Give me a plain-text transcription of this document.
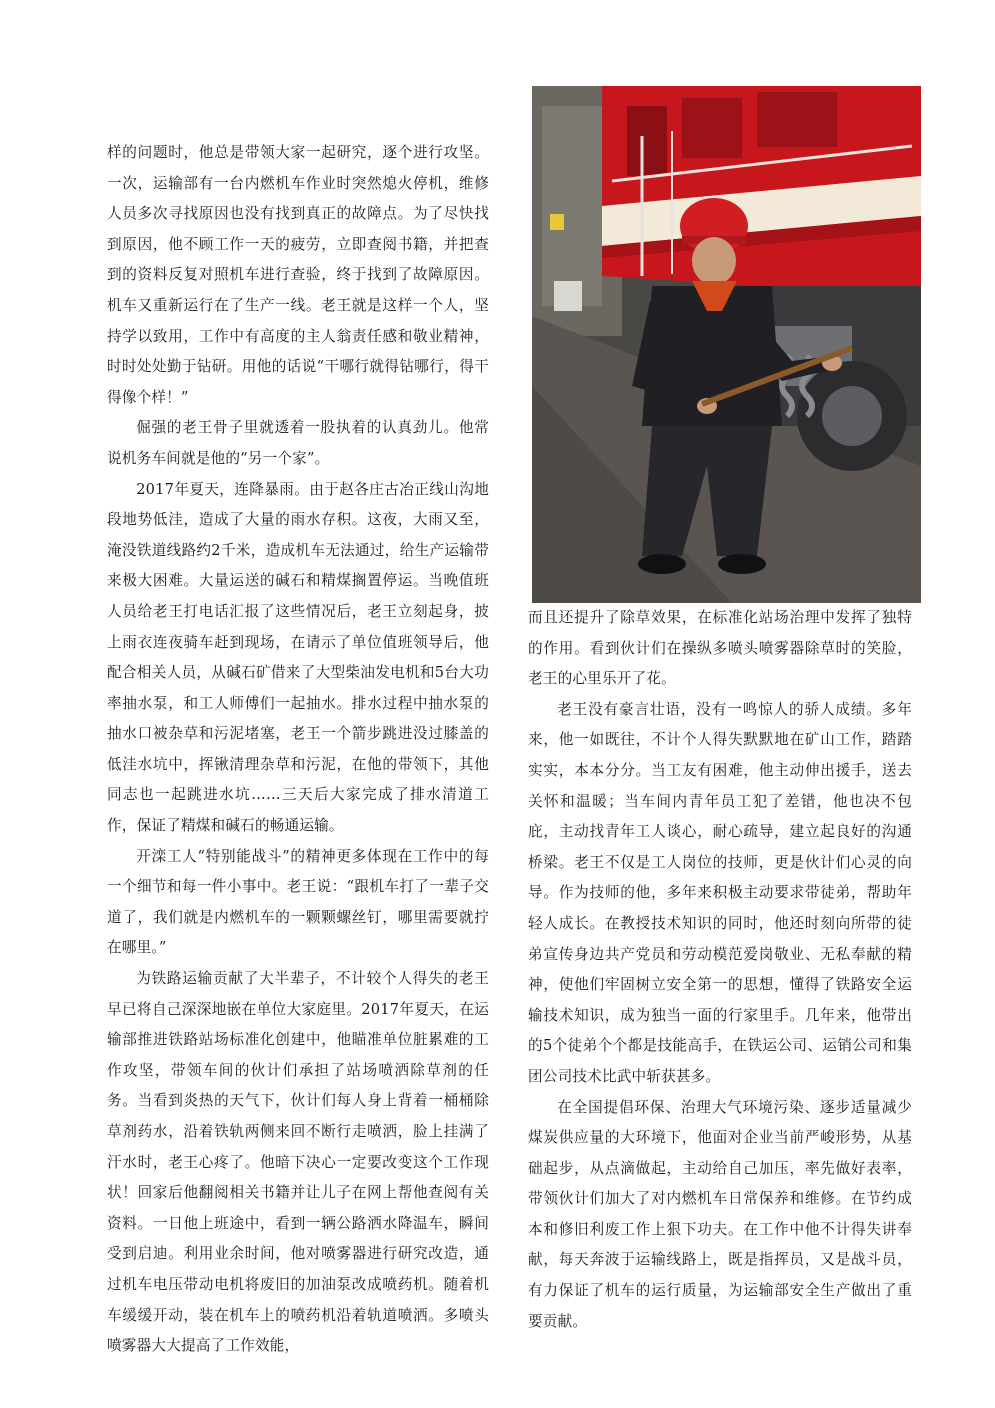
样的问题时，他总是带领大家一起研究，逐个进行攻坚。一次，运输部有一台内燃机车作业时突然熄火停机，维修人员多次寻找原因也没有找到真正的故障点。为了尽快找到原因，他不顾工作一天的疲劳，立即查阅书籍，并把查到的资料反复对照机车进行查验，终于找到了故障原因。机车又重新运行在了生产一线。老王就是这样一个人，坚持学以致用，工作中有高度的主人翁责任感和敬业精神，时时处处勤于钻研。用他的话说“干哪行就得钻哪行，得干得像个样！”

倔强的老王骨子里就透着一股执着的认真劲儿。他常说机务车间就是他的“另一个家”。

2017年夏天，连降暴雨。由于赵各庄古冶正线山沟地段地势低洼，造成了大量的雨水存积。这夜，大雨又至，淹没铁道线路约2千米，造成机车无法通过，给生产运输带来极大困难。大量运送的碱石和精煤搁置停运。当晚值班人员给老王打电话汇报了这些情况后，老王立刻起身，披上雨衣连夜骑车赶到现场，在请示了单位值班领导后，他配合相关人员，从碱石矿借来了大型柴油发电机和5台大功率抽水泵，和工人师傅们一起抽水。排水过程中抽水泵的抽水口被杂草和污泥堵塞，老王一个箭步跳进没过膝盖的低洼水坑中，挥锹清理杂草和污泥，在他的带领下，其他同志也一起跳进水坑……三天后大家完成了排水清道工作，保证了精煤和碱石的畅通运输。

开滦工人“特别能战斗”的精神更多体现在工作中的每一个细节和每一件小事中。老王说：“跟机车打了一辈子交道了，我们就是内燃机车的一颗颗螺丝钉，哪里需要就拧在哪里。”

为铁路运输贡献了大半辈子，不计较个人得失的老王早已将自己深深地嵌在单位大家庭里。2017年夏天，在运输部推进铁路站场标准化创建中，他瞄准单位脏累难的工作攻坚，带领车间的伙计们承担了站场喷洒除草剂的任务。当看到炎热的天气下，伙计们每人身上背着一桶桶除草剂药水，沿着铁轨两侧来回不断行走喷洒，脸上挂满了汗水时，老王心疼了。他暗下决心一定要改变这个工作现状！回家后他翻阅相关书籍并让儿子在网上帮他查阅有关资料。一日他上班途中，看到一辆公路洒水降温车，瞬间受到启迪。利用业余时间，他对喷雾器进行研究改造，通过机车电压带动电机将废旧的加油泵改成喷药机。随着机车缓缓开动，装在机车上的喷药机沿着轨道喷洒。多喷头喷雾器大大提高了工作效能，

而且还提升了除草效果，在标准化站场治理中发挥了独特的作用。看到伙计们在操纵多喷头喷雾器除草时的笑脸，老王的心里乐开了花。

老王没有豪言壮语，没有一鸣惊人的骄人成绩。多年来，他一如既往，不计个人得失默默地在矿山工作，踏踏实实，本本分分。当工友有困难，他主动伸出援手，送去关怀和温暖；当车间内青年员工犯了差错，他也决不包庇，主动找青年工人谈心，耐心疏导，建立起良好的沟通桥梁。老王不仅是工人岗位的技师，更是伙计们心灵的向导。作为技师的他，多年来积极主动要求带徒弟，帮助年轻人成长。在教授技术知识的同时，他还时刻向所带的徒弟宣传身边共产党员和劳动模范爱岗敬业、无私奉献的精神，使他们牢固树立安全第一的思想，懂得了铁路安全运输技术知识，成为独当一面的行家里手。几年来，他带出的5个徒弟个个都是技能高手，在铁运公司、运销公司和集团公司技术比武中斩获甚多。

在全国提倡环保、治理大气环境污染、逐步适量减少煤炭供应量的大环境下，他面对企业当前严峻形势，从基础起步，从点滴做起，主动给自己加压，率先做好表率，带领伙计们加大了对内燃机车日常保养和维修。在节约成本和修旧利废工作上狠下功夫。在工作中他不计得失讲奉献，每天奔波于运输线路上，既是指挥员，又是战斗员，有力保证了机车的运行质量，为运输部安全生产做出了重要贡献。
